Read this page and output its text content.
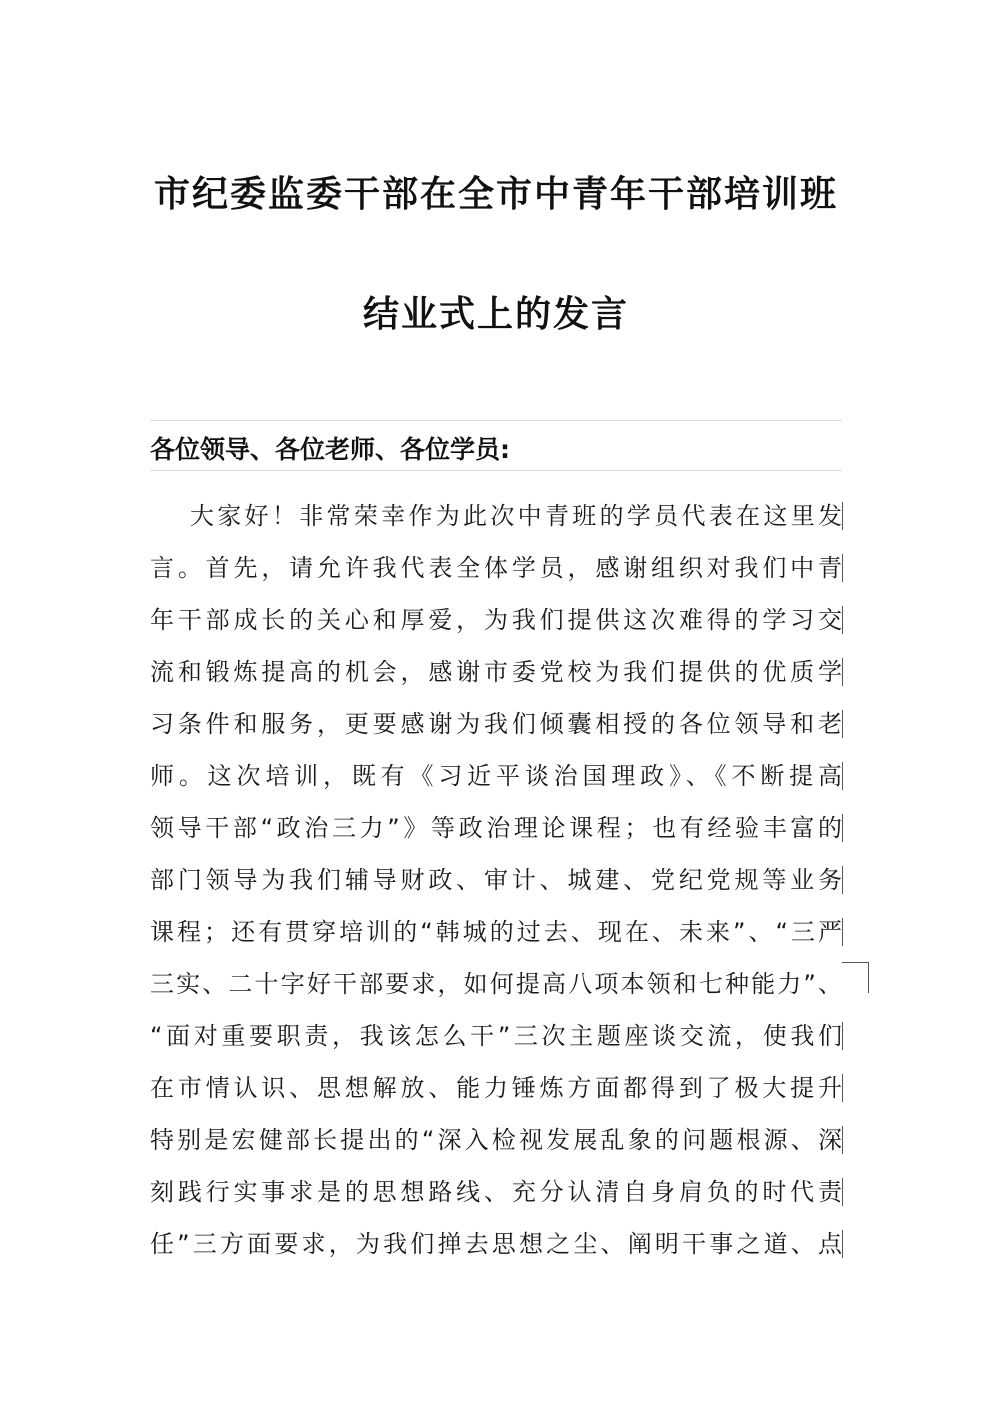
市纪委监委干部在全市中青年干部培训班
结业式上的发言
各位领导、各位老师、各位学员:
大家好！非常荣幸作为此次中青班的学员代表在这里发
言。首先，请允许我代表全体学员，感谢组织对我们中青
年干部成长的关心和厚爱，为我们提供这次难得的学习交
流和锻炼提高的机会，感谢市委党校为我们提供的优质学
习条件和服务，更要感谢为我们倾囊相授的各位领导和老
师。这次培训，既有《习近平谈治国理政》、《不断提高
领导干部“政治三力”》等政治理论课程；也有经验丰富的
部门领导为我们辅导财政、审计、城建、党纪党规等业务
课程；还有贯穿培训的“韩城的过去、现在、未来”、“三严
三实、二十字好干部要求，如何提高八项本领和七种能力”、
“面对重要职责，我该怎么干”三次主题座谈交流，使我们
在市情认识、思想解放、能力锤炼方面都得到了极大提升
特别是宏健部长提出的“深入检视发展乱象的问题根源、深
刻践行实事求是的思想路线、充分认清自身肩负的时代责
任”三方面要求，为我们掸去思想之尘、阐明干事之道、点
